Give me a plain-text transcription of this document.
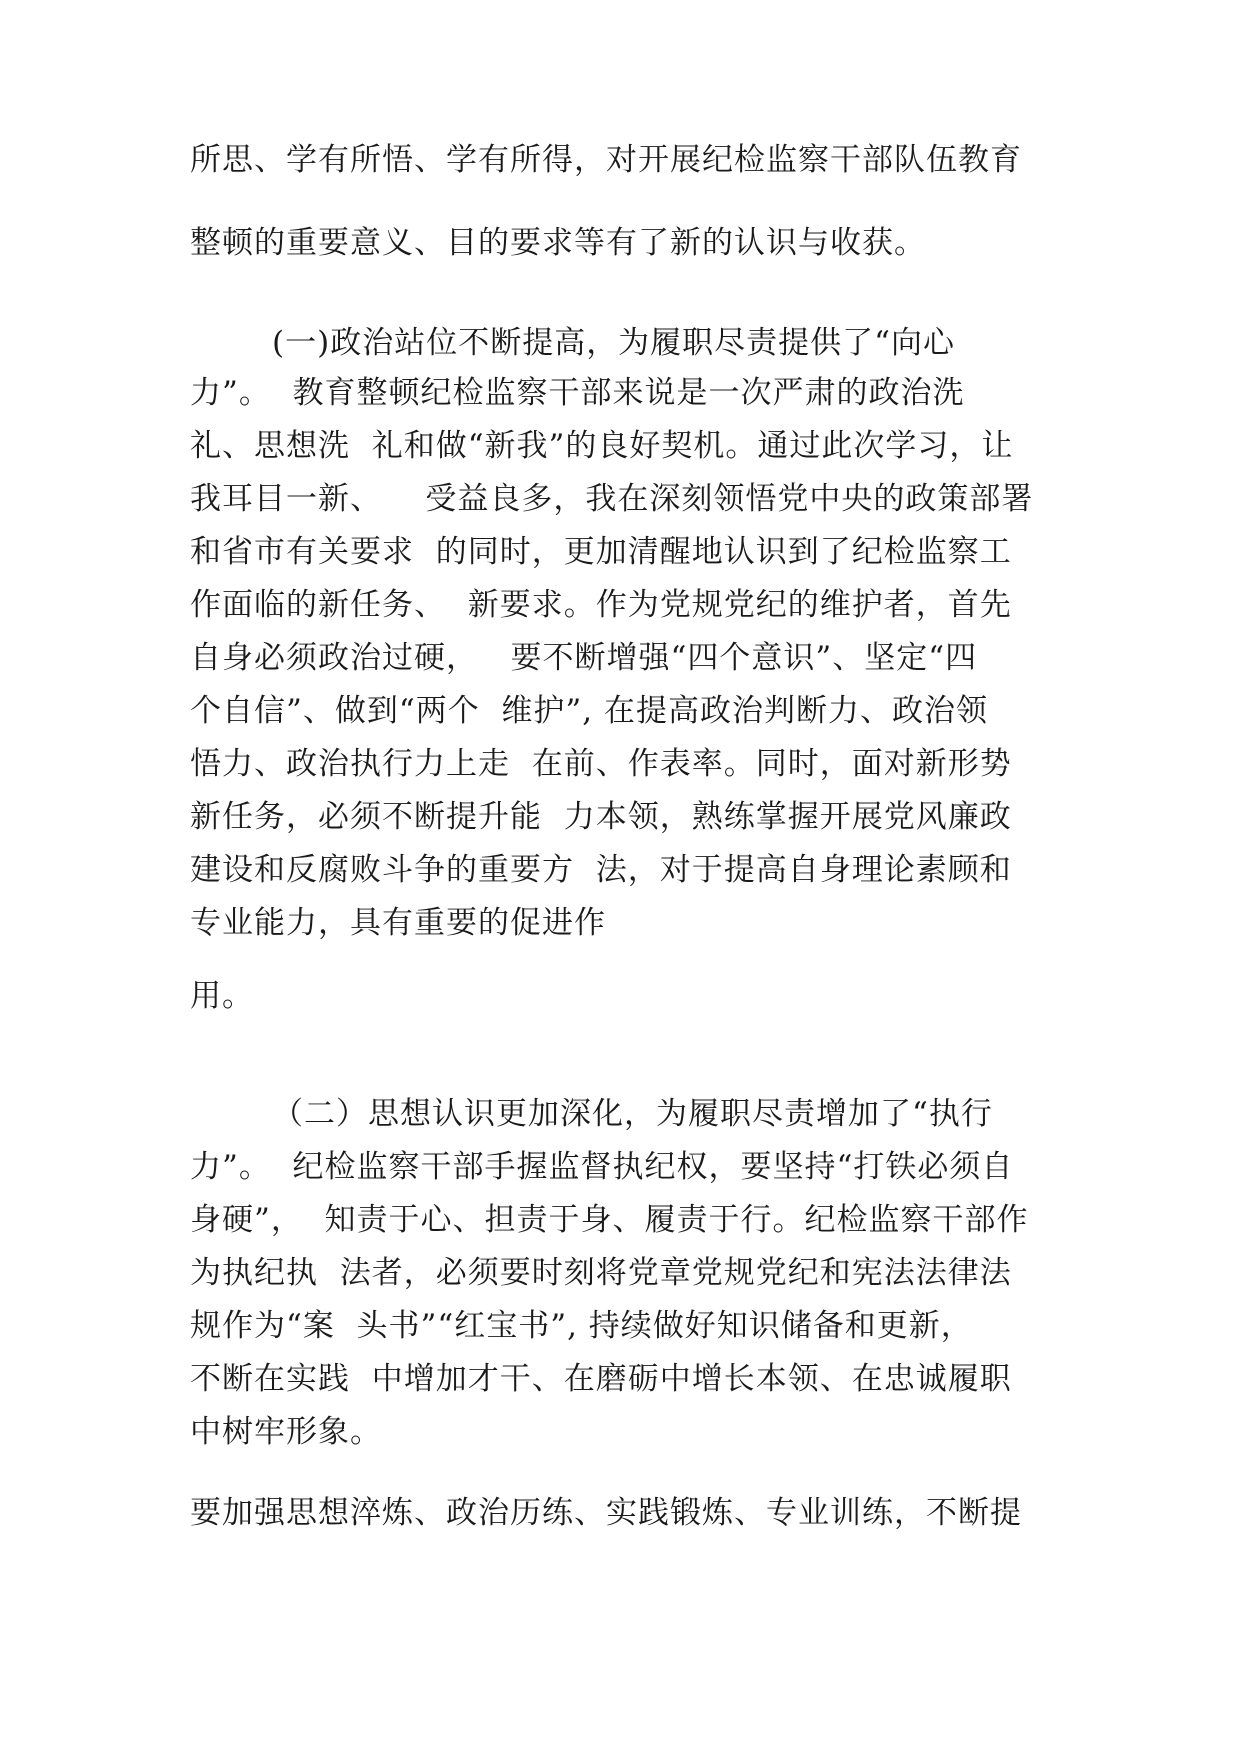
所思、学有所悟、学有所得，对开展纪检监察干部队伍教育
整顿的重要意义、目的要求等有了新的认识与收获。
(一)政治站位不断提高，为履职尽责提供了“向心
力”。  教育整顿纪检监察干部来说是一次严肃的政治洗
礼、思想洗  礼和做“新我”的良好契机。通过此次学习，让
我耳目一新、    受益良多，我在深刻领悟党中央的政策部署
和省市有关要求  的同时，更加清醒地认识到了纪检监察工
作面临的新任务、  新要求。作为党规党纪的维护者，首先
自身必须政治过硬，   要不断增强“四个意识”、坚定“四
个自信”、做到“两个  维护”, 在提高政治判断力、政治领
悟力、政治执行力上走  在前、作表率。同时，面对新形势
新任务，必须不断提升能  力本领，熟练掌握开展党风廉政
建设和反腐败斗争的重要方  法，对于提高自身理论素顾和
专业能力，具有重要的促进作
用。
（二）思想认识更加深化，为履职尽责增加了“执行
力”。  纪检监察干部手握监督执纪权，要坚持“打铁必须自
身硬”，  知责于心、担责于身、履责于行。纪检监察干部作
为执纪执  法者，必须要时刻将党章党规党纪和宪法法律法
规作为“案  头书”“红宝书”, 持续做好知识储备和更新，
不断在实践  中增加才干、在磨砺中增长本领、在忠诚履职
中树牢形象。
要加强思想淬炼、政治历练、实践锻炼、专业训练，不断提
